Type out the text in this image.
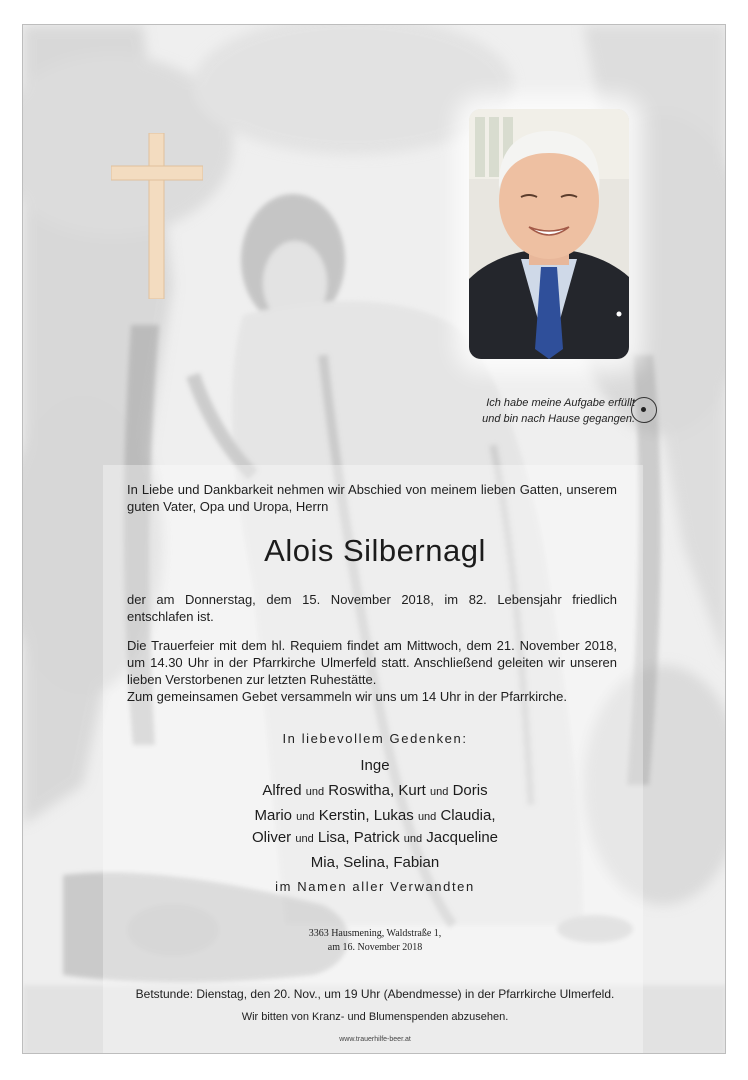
Ich habe meine Aufgabe erfüllt
und bin nach Hause gegangen.

In Liebe und Dankbarkeit nehmen wir Abschied von meinem lieben Gatten, unserem guten Vater, Opa und Uropa, Herrn

Alois Silbernagl

der am Donnerstag, dem 15. November 2018, im 82. Lebensjahr friedlich entschlafen ist.

Die Trauerfeier mit dem hl. Requiem findet am Mittwoch, dem 21. November 2018, um 14.30 Uhr in der Pfarrkirche Ulmerfeld statt. Anschließend geleiten wir unseren lieben Verstorbenen zur letzten Ruhestätte.

Zum gemeinsamen Gebet versammeln wir uns um 14 Uhr in der Pfarrkirche.

In liebevollem Gedenken:
Inge
Alfred und Roswitha, Kurt und Doris
Mario und Kerstin, Lukas und Claudia,
Oliver und Lisa, Patrick und Jacqueline
Mia, Selina, Fabian
im Namen aller Verwandten
3363 Hausmening, Waldstraße 1,
am 16. November 2018
Betstunde: Dienstag, den 20. Nov., um 19 Uhr (Abendmesse) in der Pfarrkirche Ulmerfeld.
Wir bitten von Kranz- und Blumenspenden abzusehen.
www.trauerhilfe-beer.at
